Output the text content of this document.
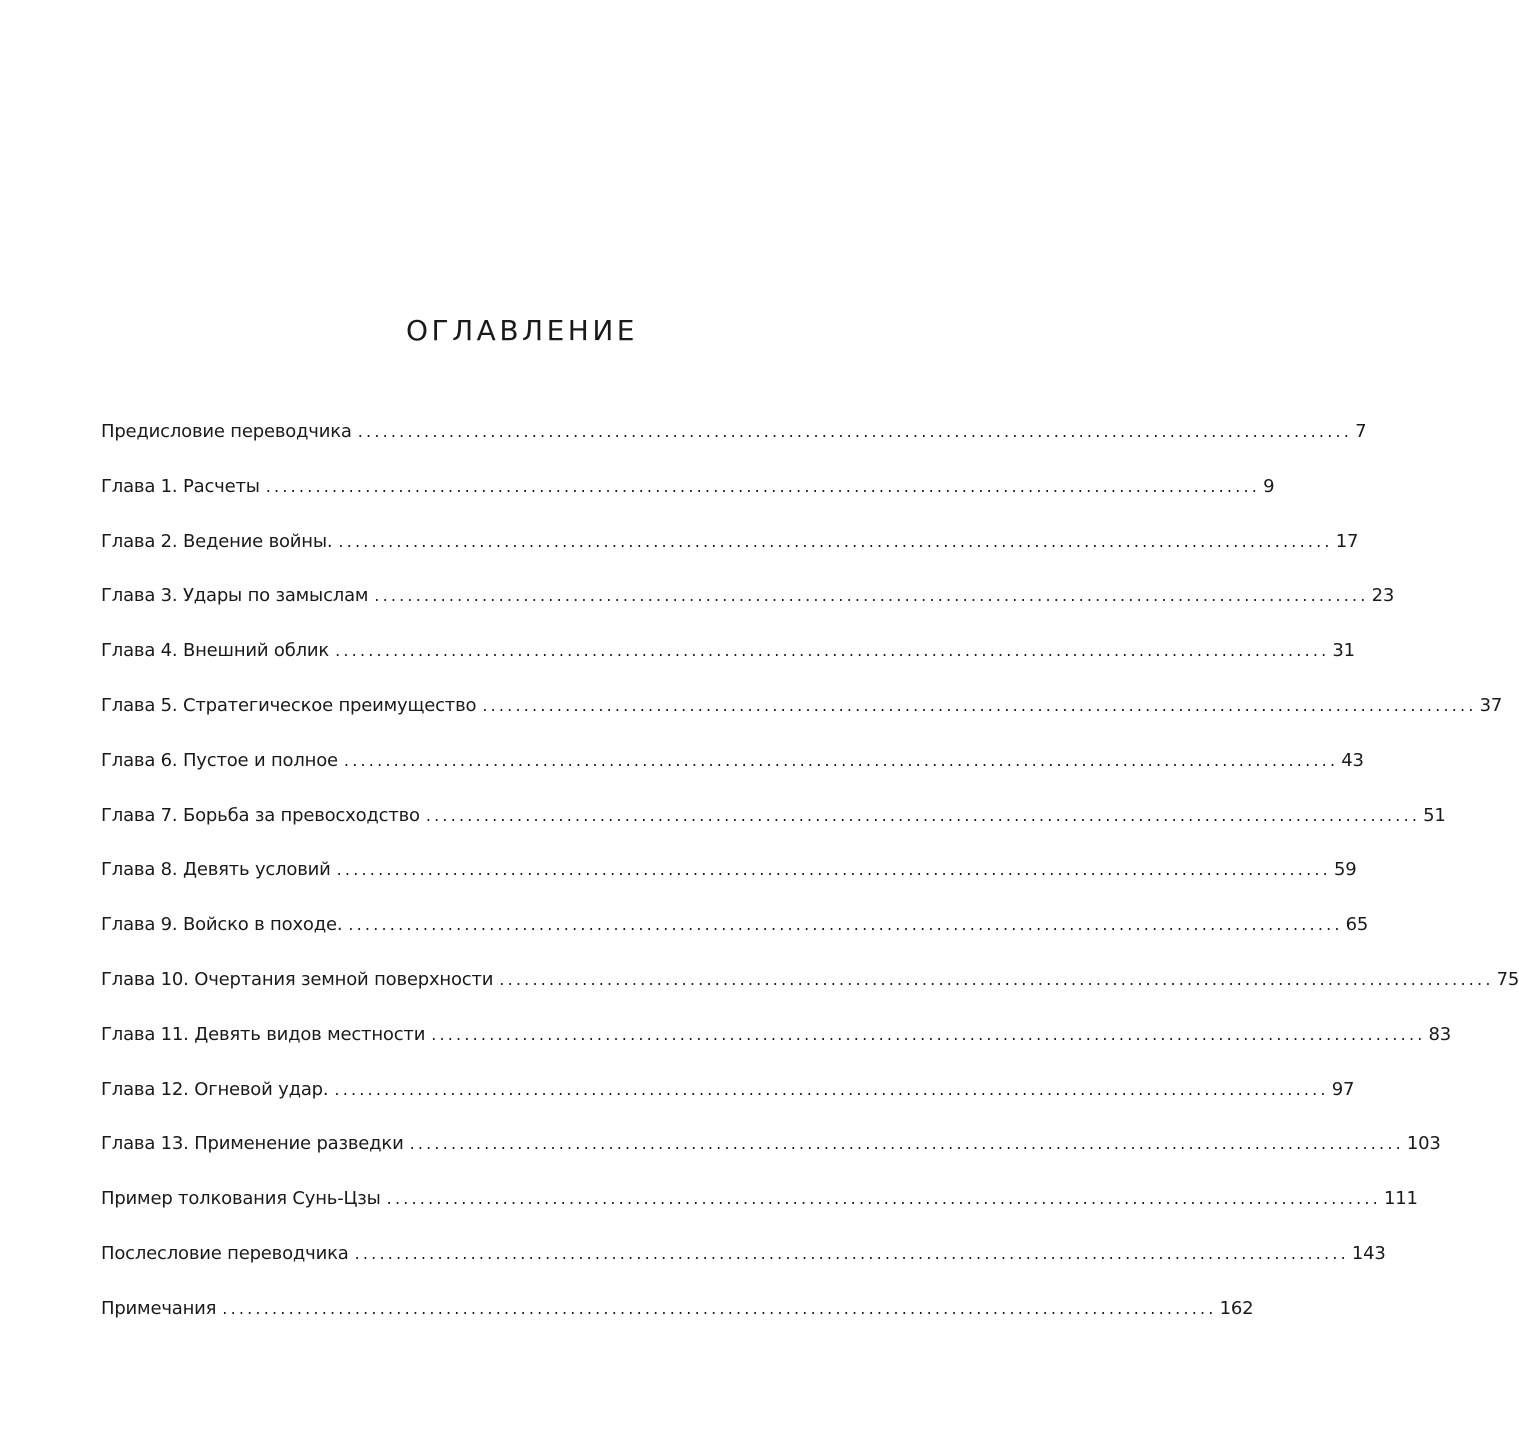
ОГЛАВЛЕНИЕ
Предисловие переводчика ........................................................................................................................ 7
Глава 1. Расчеты ........................................................................................................................ 9
Глава 2. Ведение войны. ........................................................................................................................ 17
Глава 3. Удары по замыслам ........................................................................................................................ 23
Глава 4. Внешний облик ........................................................................................................................ 31
Глава 5. Стратегическое преимущество ........................................................................................................................ 37
Глава 6. Пустое и полное ........................................................................................................................ 43
Глава 7. Борьба за превосходство ........................................................................................................................ 51
Глава 8. Девять условий ........................................................................................................................ 59
Глава 9. Войско в походе. ........................................................................................................................ 65
Глава 10. Очертания земной поверхности ........................................................................................................................ 75
Глава 11. Девять видов местности ........................................................................................................................ 83
Глава 12. Огневой удар. ........................................................................................................................ 97
Глава 13. Применение разведки ........................................................................................................................ 103
Пример толкования Сунь-Цзы ........................................................................................................................ 111
Послесловие переводчика ........................................................................................................................ 143
Примечания ........................................................................................................................ 162
